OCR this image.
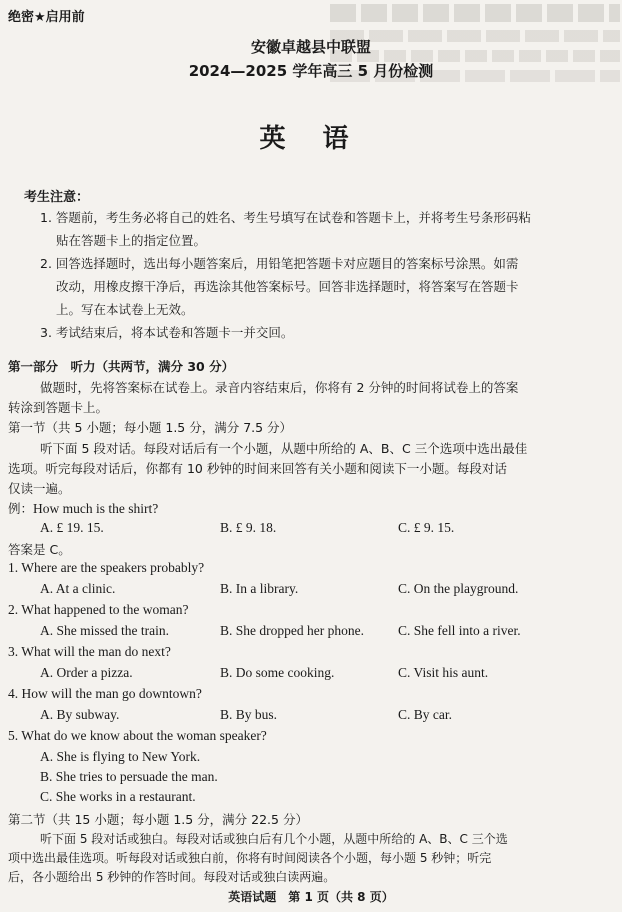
绝密★启用前
安徽卓越县中联盟
2024—2025 学年高三 5 月份检测
英 语
考生注意：
1. 答题前，考生务必将自己的姓名、考生号填写在试卷和答题卡上，并将考生号条形码粘
贴在答题卡上的指定位置。
2. 回答选择题时，选出每小题答案后，用铅笔把答题卡对应题目的答案标号涂黑。如需
改动，用橡皮擦干净后，再选涂其他答案标号。回答非选择题时，将答案写在答题卡
上。写在本试卷上无效。
3. 考试结束后，将本试卷和答题卡一并交回。
第一部分　听力（共两节，满分 30 分）
做题时，先将答案标在试卷上。录音内容结束后，你将有 2 分钟的时间将试卷上的答案
转涂到答题卡上。
第一节（共 5 小题；每小题 1.5 分，满分 7.5 分）
听下面 5 段对话。每段对话后有一个小题，从题中所给的 A、B、C 三个选项中选出最佳
选项。听完每段对话后，你都有 10 秒钟的时间来回答有关小题和阅读下一小题。每段对话
仅读一遍。
例：How much is the shirt?
A. £ 19. 15.	B. £ 9. 18.	C. £ 9. 15.
答案是 C。
1. Where are the speakers probably?
A. At a clinic.	B. In a library.	C. On the playground.
2. What happened to the woman?
A. She missed the train.	B. She dropped her phone.	C. She fell into a river.
3. What will the man do next?
A. Order a pizza.	B. Do some cooking.	C. Visit his aunt.
4. How will the man go downtown?
A. By subway.	B. By bus.	C. By car.
5. What do we know about the woman speaker?
A. She is flying to New York.
B. She tries to persuade the man.
C. She works in a restaurant.
第二节（共 15 小题；每小题 1.5 分，满分 22.5 分）
听下面 5 段对话或独白。每段对话或独白后有几个小题，从题中所给的 A、B、C 三个选
项中选出最佳选项。听每段对话或独白前，你将有时间阅读各个小题，每小题 5 秒钟；听完
后，各小题给出 5 秒钟的作答时间。每段对话或独白读两遍。
英语试题　第 1 页（共 8 页）
